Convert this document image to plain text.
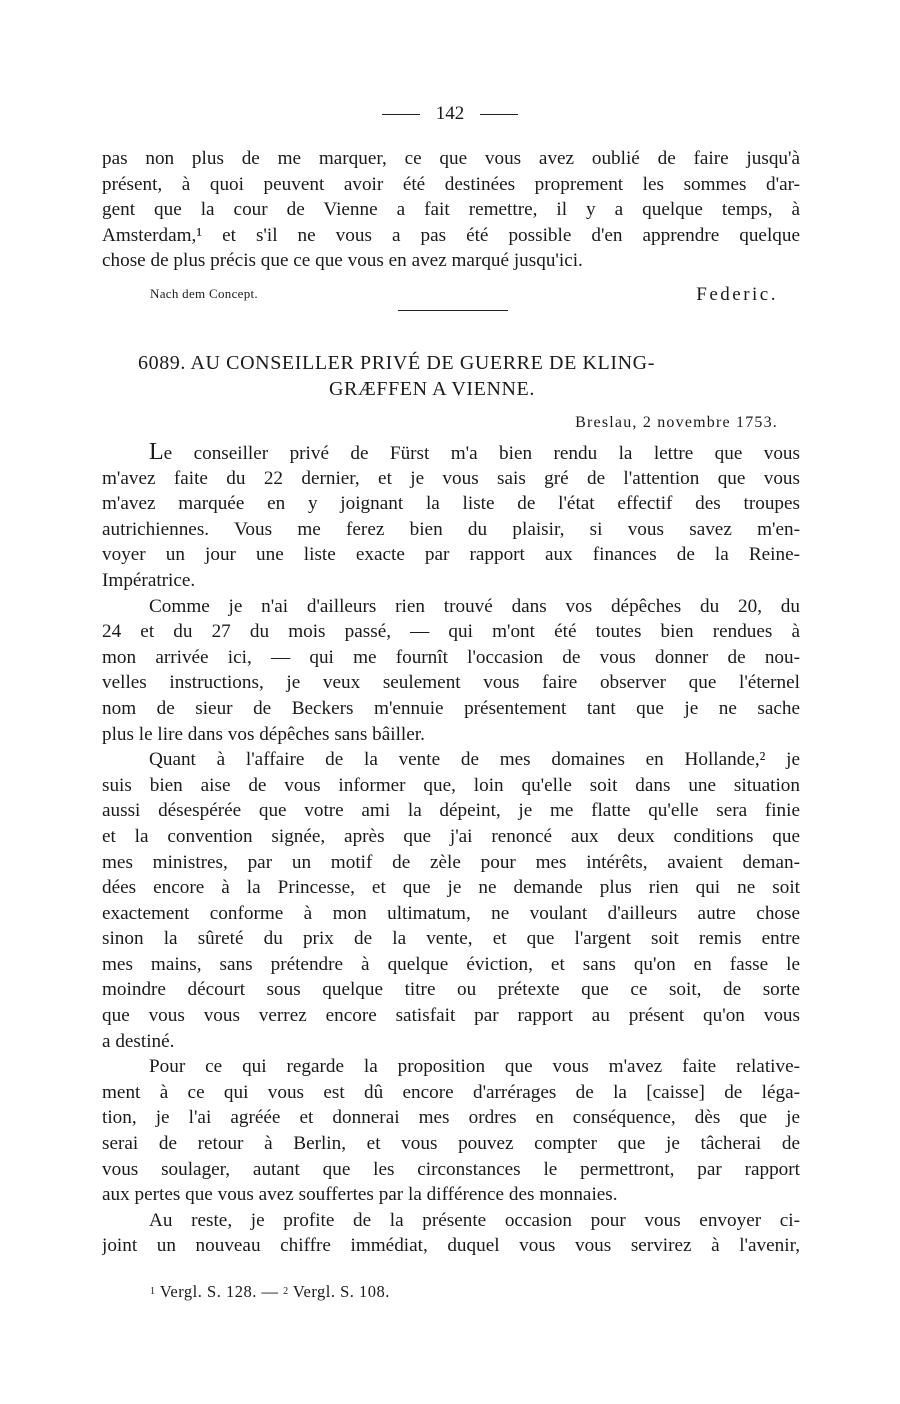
142
pas non plus de me marquer, ce que vous avez oublié de faire jusqu'à
présent, à quoi peuvent avoir été destinées proprement les sommes d'ar-
gent que la cour de Vienne a fait remettre, il y a quelque temps, à
Amsterdam,¹ et s'il ne vous a pas été possible d'en apprendre quelque
chose de plus précis que ce que vous en avez marqué jusqu'ici.
Nach dem Concept.	Federic.
6089. AU CONSEILLER PRIVÉ DE GUERRE DE KLING-
GRÆFFEN A VIENNE.
Breslau, 2 novembre 1753.
Le conseiller privé de Fürst m'a bien rendu la lettre que vous
m'avez faite du 22 dernier, et je vous sais gré de l'attention que vous
m'avez marquée en y joignant la liste de l'état effectif des troupes
autrichiennes. Vous me ferez bien du plaisir, si vous savez m'en-
voyer un jour une liste exacte par rapport aux finances de la Reine-
Impératrice.
Comme je n'ai d'ailleurs rien trouvé dans vos dépêches du 20, du
24 et du 27 du mois passé, — qui m'ont été toutes bien rendues à
mon arrivée ici, — qui me fournît l'occasion de vous donner de nou-
velles instructions, je veux seulement vous faire observer que l'éternel
nom de sieur de Beckers m'ennuie présentement tant que je ne sache
plus le lire dans vos dépêches sans bâiller.
Quant à l'affaire de la vente de mes domaines en Hollande,² je
suis bien aise de vous informer que, loin qu'elle soit dans une situation
aussi désespérée que votre ami la dépeint, je me flatte qu'elle sera finie
et la convention signée, après que j'ai renoncé aux deux conditions que
mes ministres, par un motif de zèle pour mes intérêts, avaient deman-
dées encore à la Princesse, et que je ne demande plus rien qui ne soit
exactement conforme à mon ultimatum, ne voulant d'ailleurs autre chose
sinon la sûreté du prix de la vente, et que l'argent soit remis entre
mes mains, sans prétendre à quelque éviction, et sans qu'on en fasse le
moindre décourt sous quelque titre ou prétexte que ce soit, de sorte
que vous vous verrez encore satisfait par rapport au présent qu'on vous
a destiné.
Pour ce qui regarde la proposition que vous m'avez faite relative-
ment à ce qui vous est dû encore d'arrérages de la [caisse] de léga-
tion, je l'ai agréée et donnerai mes ordres en conséquence, dès que je
serai de retour à Berlin, et vous pouvez compter que je tâcherai de
vous soulager, autant que les circonstances le permettront, par rapport
aux pertes que vous avez souffertes par la différence des monnaies.
Au reste, je profite de la présente occasion pour vous envoyer ci-
joint un nouveau chiffre immédiat, duquel vous vous servirez à l'avenir,
1 Vergl. S. 128. — 2 Vergl. S. 108.
